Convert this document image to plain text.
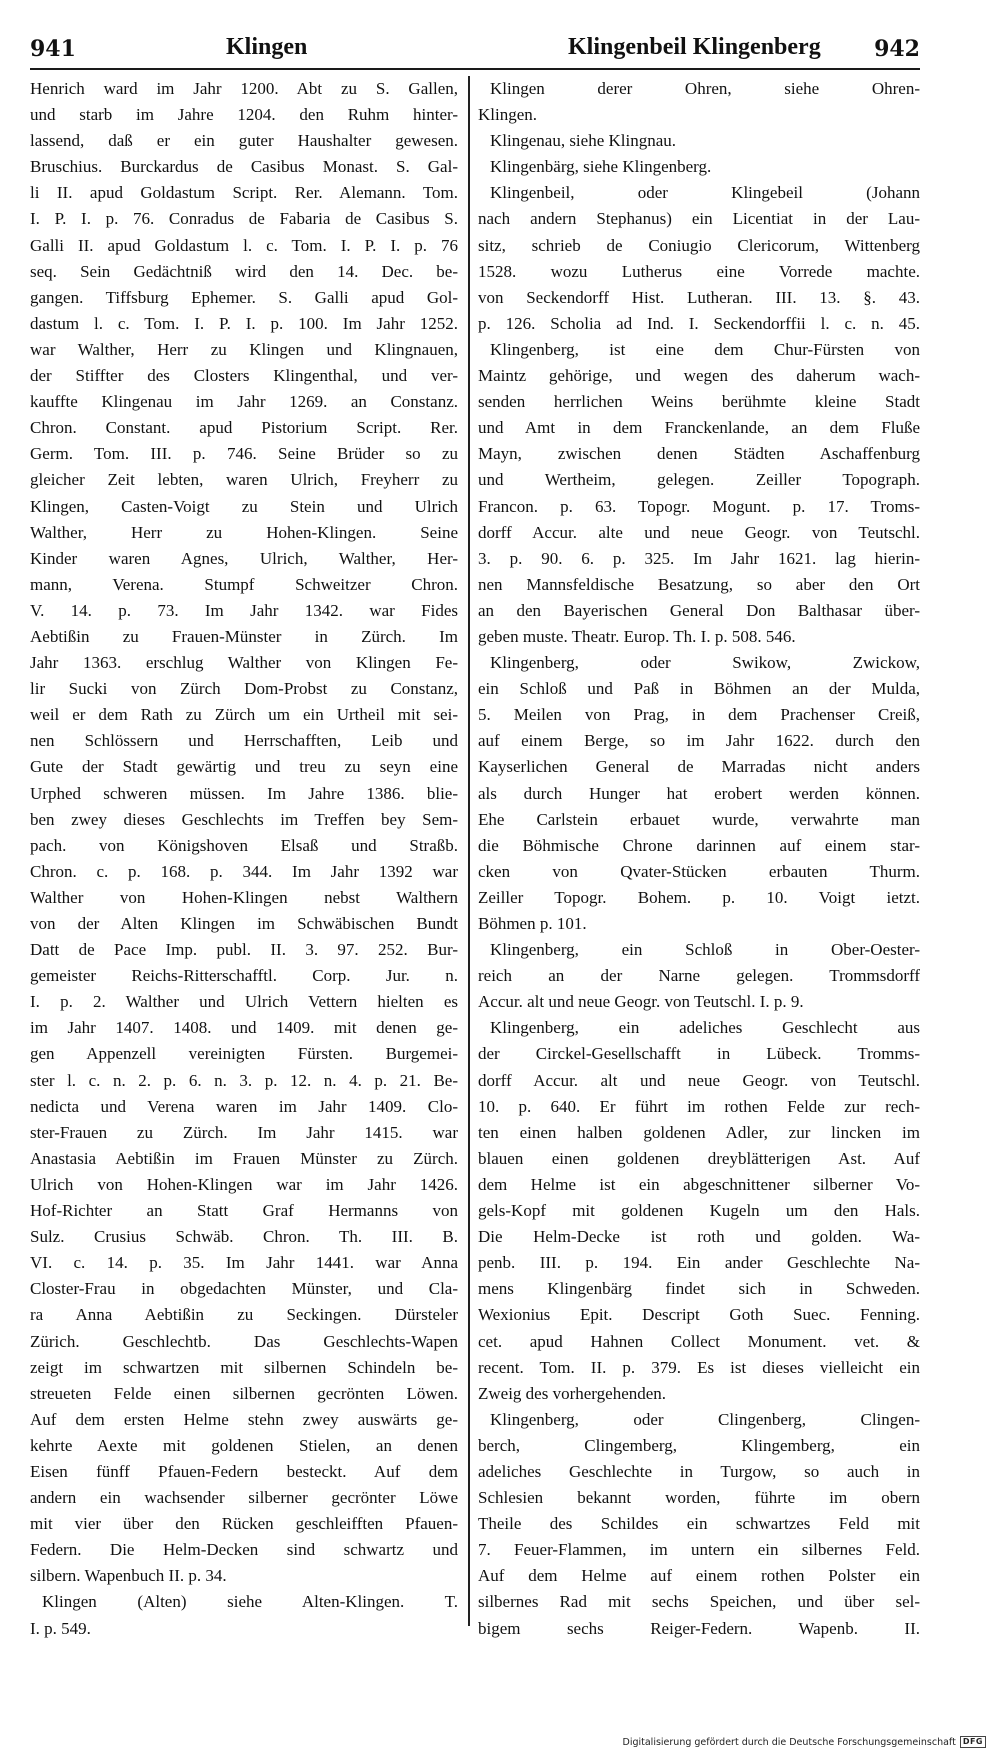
941	Klingen	Klingenbeil Klingenberg 942
Henrich ward im Jahr 1200. Abt zu S. Gallen,
und starb im Jahre 1204. den Ruhm hinter-
lassend, daß er ein guter Haushalter gewesen.
Bruschius. Burckardus de Casibus Monast. S. Gal-
li II. apud Goldastum Script. Rer. Alemann. Tom.
I. P. I. p. 76. Conradus de Fabaria de Casibus S.
Galli II. apud Goldastum l. c. Tom. I. P. I. p. 76
seq. Sein Gedächtniß wird den 14. Dec. be-
gangen. Tiffsburg Ephemer. S. Galli apud Gol-
dastum l. c. Tom. I. P. I. p. 100. Im Jahr 1252.
war Walther, Herr zu Klingen und Klingnauen,
der Stiffter des Closters Klingenthal, und ver-
kauffte Klingenau im Jahr 1269. an Constanz.
Chron. Constant. apud Pistorium Script. Rer.
Germ. Tom. III. p. 746. Seine Brüder so zu
gleicher Zeit lebten, waren Ulrich, Freyherr zu
Klingen, Casten-Voigt zu Stein und Ulrich
Walther, Herr zu Hohen-Klingen. Seine
Kinder waren Agnes, Ulrich, Walther, Her-
mann, Verena. Stumpf Schweitzer Chron.
V. 14. p. 73. Im Jahr 1342. war Fides
Aebtißin zu Frauen-Münster in Zürch. Im
Jahr 1363. erschlug Walther von Klingen Fe-
lir Sucki von Zürch Dom-Probst zu Constanz,
weil er dem Rath zu Zürch um ein Urtheil mit sei-
nen Schlössern und Herrschafften, Leib und
Gute der Stadt gewärtig und treu zu seyn eine
Urphed schweren müssen. Im Jahre 1386. blie-
ben zwey dieses Geschlechts im Treffen bey Sem-
pach. von Königshoven Elsaß und Straßb.
Chron. c. p. 168. p. 344. Im Jahr 1392 war
Walther von Hohen-Klingen nebst Walthern
von der Alten Klingen im Schwäbischen Bundt
Datt de Pace Imp. publ. II. 3. 97. 252. Bur-
gemeister Reichs-Ritterschafftl. Corp. Jur. n.
I. p. 2. Walther und Ulrich Vettern hielten es
im Jahr 1407. 1408. und 1409. mit denen ge-
gen Appenzell vereinigten Fürsten. Burgemei-
ster l. c. n. 2. p. 6. n. 3. p. 12. n. 4. p. 21. Be-
nedicta und Verena waren im Jahr 1409. Clo-
ster-Frauen zu Zürch. Im Jahr 1415. war
Anastasia Aebtißin im Frauen Münster zu Zürch.
Ulrich von Hohen-Klingen war im Jahr 1426.
Hof-Richter an Statt Graf Hermanns von
Sulz. Crusius Schwäb. Chron. Th. III. B.
VI. c. 14. p. 35. Im Jahr 1441. war Anna
Closter-Frau in obgedachten Münster, und Cla-
ra Anna Aebtißin zu Seckingen. Dürsteler
Zürich. Geschlechtb. Das Geschlechts-Wapen
zeigt im schwartzen mit silbernen Schindeln be-
streueten Felde einen silbernen gecrönten Löwen.
Auf dem ersten Helme stehn zwey auswärts ge-
kehrte Aexte mit goldenen Stielen, an denen
Eisen fünff Pfauen-Federn besteckt. Auf dem
andern ein wachsender silberner gecrönter Löwe
mit vier über den Rücken geschleifften Pfauen-
Federn. Die Helm-Decken sind schwartz und
silbern. Wapenbuch II. p. 34.
Klingen (Alten) siehe Alten-Klingen. T.
I. p. 549.
Klingen derer Ohren, siehe Ohren-
Klingen.
Klingenau, siehe Klingnau.
Klingenbärg, siehe Klingenberg.
Klingenbeil, oder Klingebeil (Johann
nach andern Stephanus) ein Licentiat in der Lau-
sitz, schrieb de Coniugio Clericorum, Wittenberg
1528. wozu Lutherus eine Vorrede machte.
von Seckendorff Hist. Lutheran. III. 13. §. 43.
p. 126. Scholia ad Ind. I. Seckendorffii l. c. n. 45.
Klingenberg, ist eine dem Chur-Fürsten von
Maintz gehörige, und wegen des daherum wach-
senden herrlichen Weins berühmte kleine Stadt
und Amt in dem Franckenlande, an dem Fluße
Mayn, zwischen denen Städten Aschaffenburg
und Wertheim, gelegen. Zeiller Topograph.
Francon. p. 63. Topogr. Mogunt. p. 17. Troms-
dorff Accur. alte und neue Geogr. von Teutschl.
3. p. 90. 6. p. 325. Im Jahr 1621. lag hierin-
nen Mannsfeldische Besatzung, so aber den Ort
an den Bayerischen General Don Balthasar über-
geben muste. Theatr. Europ. Th. I. p. 508. 546.
Klingenberg, oder Swikow, Zwickow,
ein Schloß und Paß in Böhmen an der Mulda,
5. Meilen von Prag, in dem Prachenser Creiß,
auf einem Berge, so im Jahr 1622. durch den
Kayserlichen General de Marradas nicht anders
als durch Hunger hat erobert werden können.
Ehe Carlstein erbauet wurde, verwahrte man
die Böhmische Chrone darinnen auf einem star-
cken von Qvater-Stücken erbauten Thurm.
Zeiller Topogr. Bohem. p. 10. Voigt ietzt.
Böhmen p. 101.
Klingenberg, ein Schloß in Ober-Oester-
reich an der Narne gelegen. Trommsdorff
Accur. alt und neue Geogr. von Teutschl. I. p. 9.
Klingenberg, ein adeliches Geschlecht aus
der Circkel-Gesellschafft in Lübeck. Tromms-
dorff Accur. alt und neue Geogr. von Teutschl.
10. p. 640. Er führt im rothen Felde zur rech-
ten einen halben goldenen Adler, zur lincken im
blauen einen goldenen dreyblätterigen Ast. Auf
dem Helme ist ein abgeschnittener silberner Vo-
gels-Kopf mit goldenen Kugeln um den Hals.
Die Helm-Decke ist roth und golden. Wa-
penb. III. p. 194. Ein ander Geschlechte Na-
mens Klingenbärg findet sich in Schweden.
Wexionius Epit. Descript Goth Suec. Fenning.
cet. apud Hahnen Collect Monument. vet. &
recent. Tom. II. p. 379. Es ist dieses vielleicht ein
Zweig des vorhergehenden.
Klingenberg, oder Clingenberg, Clingen-
berch, Clingemberg, Klingemberg, ein
adeliches Geschlechte in Turgow, so auch in
Schlesien bekannt worden, führte im obern
Theile des Schildes ein schwartzes Feld mit
7. Feuer-Flammen, im untern ein silbernes Feld.
Auf dem Helme auf einem rothen Polster ein
silbernes Rad mit sechs Speichen, und über sel-
bigem sechs Reiger-Federn. Wapenb. II.
Digitalisierung gefördert durch die Deutsche Forschungsgemeinschaft DFG
